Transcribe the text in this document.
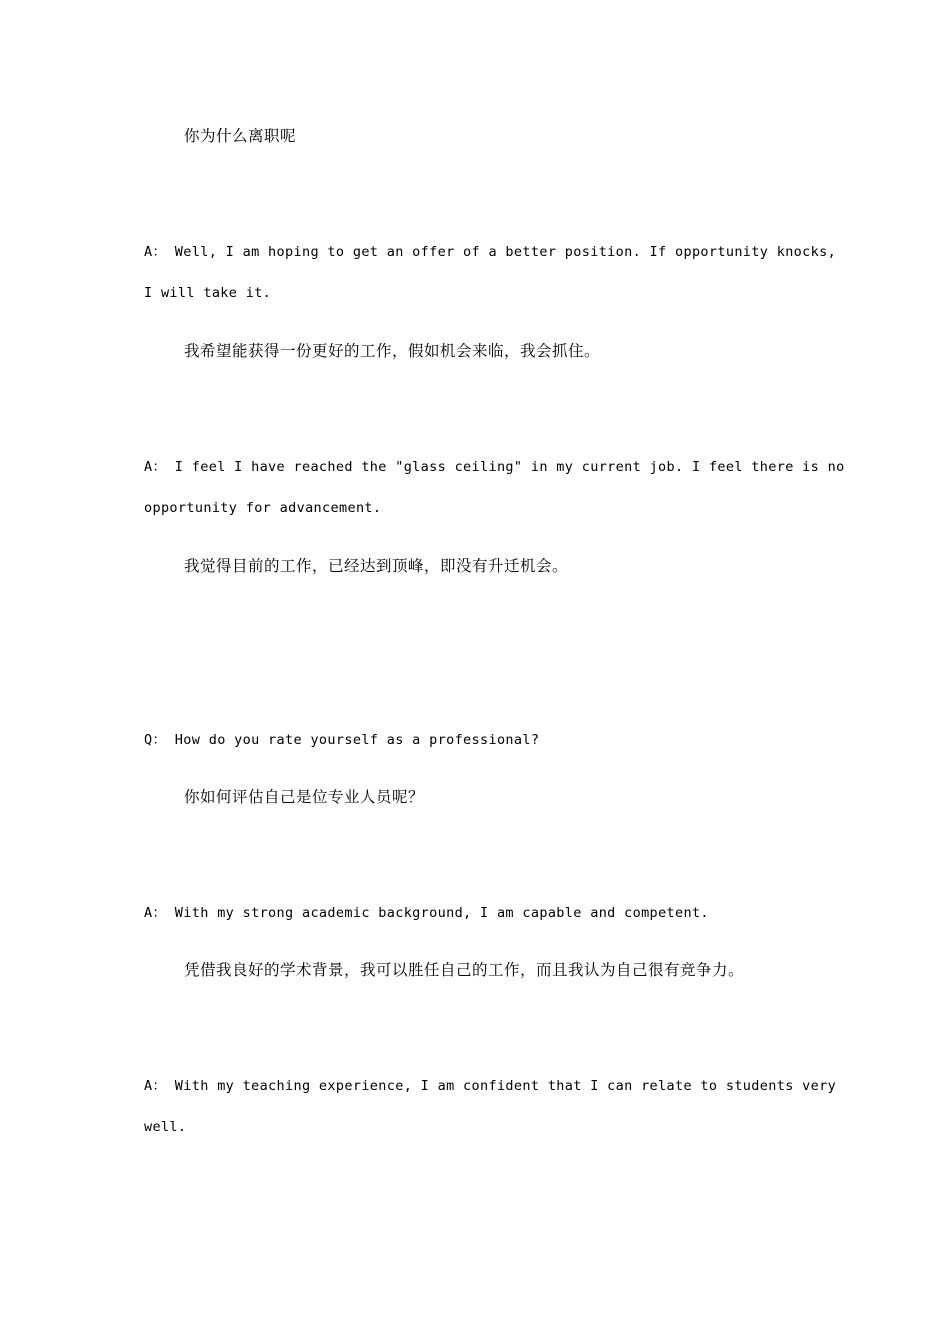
你为什么离职呢
A： Well, I am hoping to get an offer of a better position. If opportunity knocks,
I will take it.
我希望能获得一份更好的工作，假如机会来临，我会抓住。
A： I feel I have reached the "glass ceiling" in my current job. I feel there is no
opportunity for advancement.
我觉得目前的工作，已经达到顶峰，即没有升迁机会。
Q： How do you rate yourself as a professional?
你如何评估自己是位专业人员呢？
A： With my strong academic background, I am capable and competent.
凭借我良好的学术背景，我可以胜任自己的工作，而且我认为自己很有竞争力。
A： With my teaching experience, I am confident that I can relate to students very
well.
